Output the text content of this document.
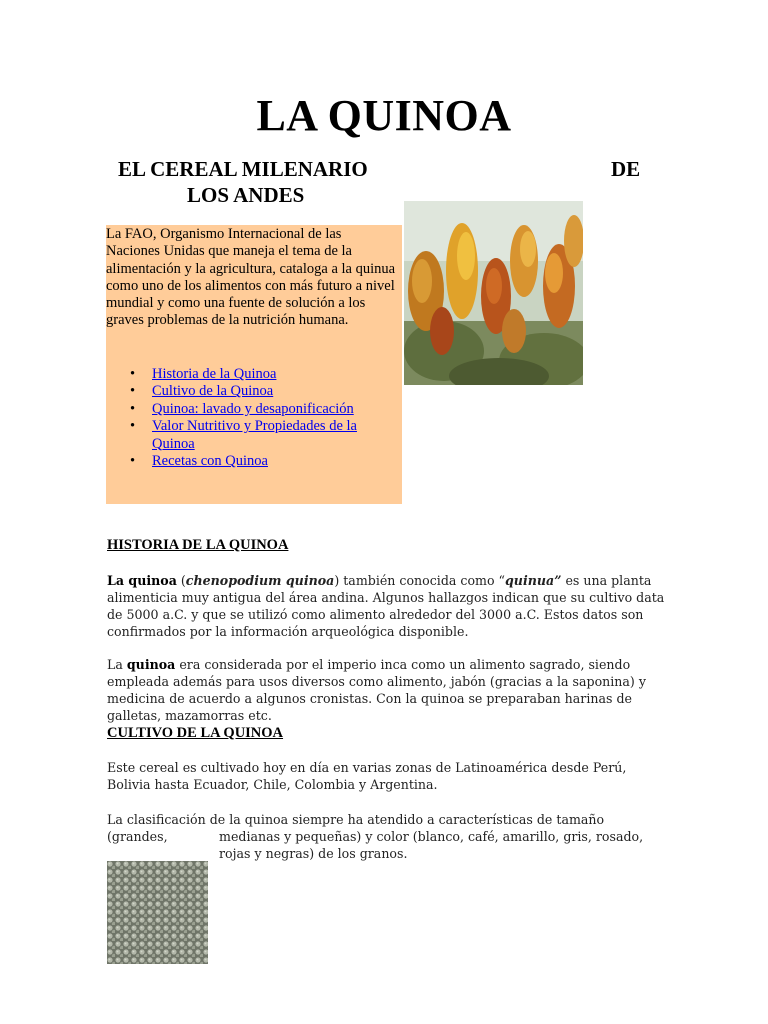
LA QUINOA
EL CEREAL MILENARIO	DE
LOS ANDES
La FAO, Organismo Internacional de las Naciones Unidas que maneja el tema de la alimentación y la agricultura, cataloga a la quinua como uno de los alimentos con más futuro a nivel mundial y como una fuente de solución a los graves problemas de la nutrición humana.
• Historia de la Quinoa
• Cultivo de la Quinoa
• Quinoa: lavado y desaponificación
• Valor Nutritivo y Propiedades de la Quinoa
• Recetas con Quinoa
HISTORIA DE LA QUINOA
La quinoa (chenopodium quinoa) también conocida como “quinua” es una planta alimenticia muy antigua del área andina. Algunos hallazgos indican que su cultivo data de 5000 a.C. y que se utilizó como alimento alrededor del 3000 a.C. Estos datos son confirmados por la información arqueológica disponible.
La quinoa era considerada por el imperio inca como un alimento sagrado, siendo empleada además para usos diversos como alimento, jabón (gracias a la saponina) y medicina de acuerdo a algunos cronistas. Con la quinoa se preparaban harinas de galletas, mazamorras etc.
CULTIVO DE LA QUINOA
Este cereal es cultivado hoy en día en varias zonas de Latinoamérica desde Perú, Bolivia hasta Ecuador, Chile, Colombia y Argentina.
La clasificación de la quinoa siempre ha atendido a características de tamaño (grandes,	medianas y pequeñas) y color (blanco, café, amarillo, gris, rosado, rojas y negras) de los granos.
